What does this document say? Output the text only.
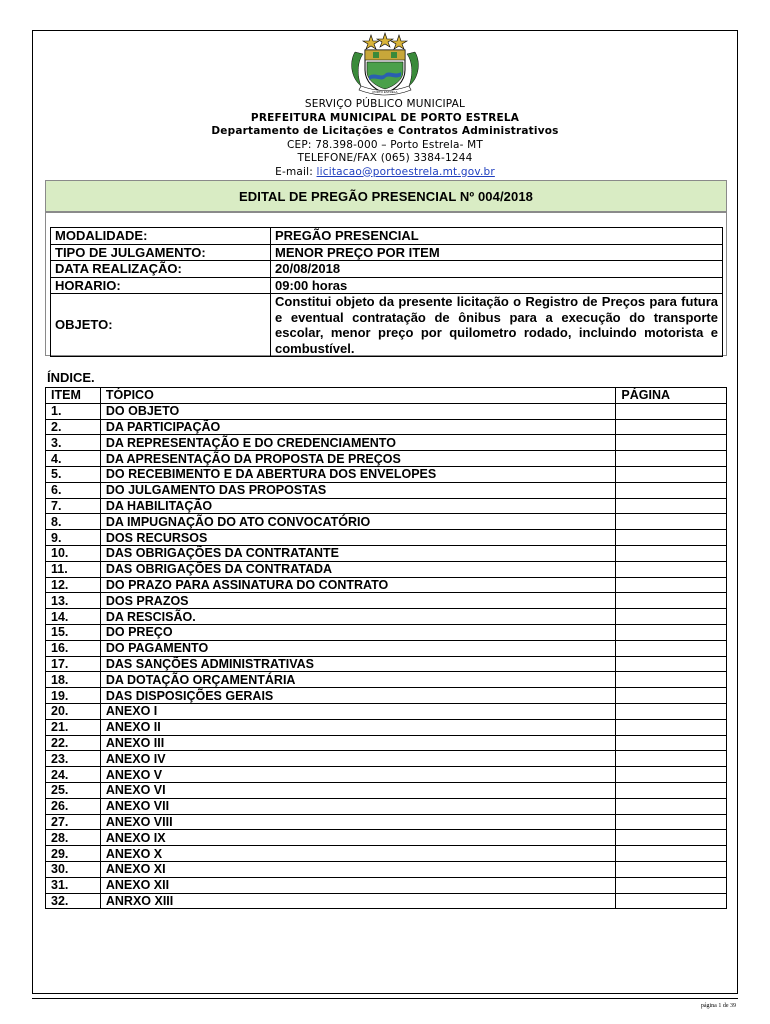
PORTO ESTRELA
SERVIÇO PÚBLICO MUNICIPAL
PREFEITURA MUNICIPAL DE PORTO ESTRELA
Departamento de Licitações e Contratos Administrativos
CEP: 78.398-000 – Porto Estrela- MT
TELEFONE/FAX (065) 3384-1244
E-mail: licitacao@portoestrela.mt.gov.br
EDITAL DE PREGÃO PRESENCIAL Nº 004/2018
MODALIDADE:	PREGÃO PRESENCIAL
TIPO DE JULGAMENTO:	MENOR PREÇO POR ITEM
DATA REALIZAÇÃO:	20/08/2018
HORARIO:	09:00 horas
OBJETO:	Constitui objeto da presente licitação o Registro de Preços para futura e eventual contratação de ônibus para a execução do transporte escolar, menor preço por quilometro rodado, incluindo motorista e combustível.
ÍNDICE.
ITEM	TÓPICO	PÁGINA
1.	DO OBJETO	
2.	DA PARTICIPAÇÃO	
3.	DA REPRESENTAÇÃO E DO CREDENCIAMENTO	
4.	DA APRESENTAÇÃO DA PROPOSTA DE PREÇOS	
5.	DO RECEBIMENTO E DA ABERTURA DOS ENVELOPES	
6.	DO JULGAMENTO DAS PROPOSTAS	
7.	DA HABILITAÇÃO	
8.	DA IMPUGNAÇÃO DO ATO CONVOCATÓRIO	
9.	DOS RECURSOS	
10.	DAS OBRIGAÇÕES DA CONTRATANTE	
11.	DAS OBRIGAÇÕES DA CONTRATADA	
12.	DO PRAZO PARA ASSINATURA DO CONTRATO	
13.	DOS PRAZOS	
14.	DA RESCISÃO.	
15.	DO PREÇO	
16.	DO PAGAMENTO	
17.	DAS SANÇÕES ADMINISTRATIVAS	
18.	DA DOTAÇÃO ORÇAMENTÁRIA	
19.	DAS DISPOSIÇÕES GERAIS	
20.	ANEXO I	
21.	ANEXO II	
22.	ANEXO III	
23.	ANEXO IV	
24.	ANEXO V	
25.	ANEXO VI	
26.	ANEXO VII	
27.	ANEXO VIII	
28.	ANEXO IX	
29.	ANEXO X	
30.	ANEXO XI	
31.	ANEXO XII	
32.	ANRXO XIII	
página 1 de 39
